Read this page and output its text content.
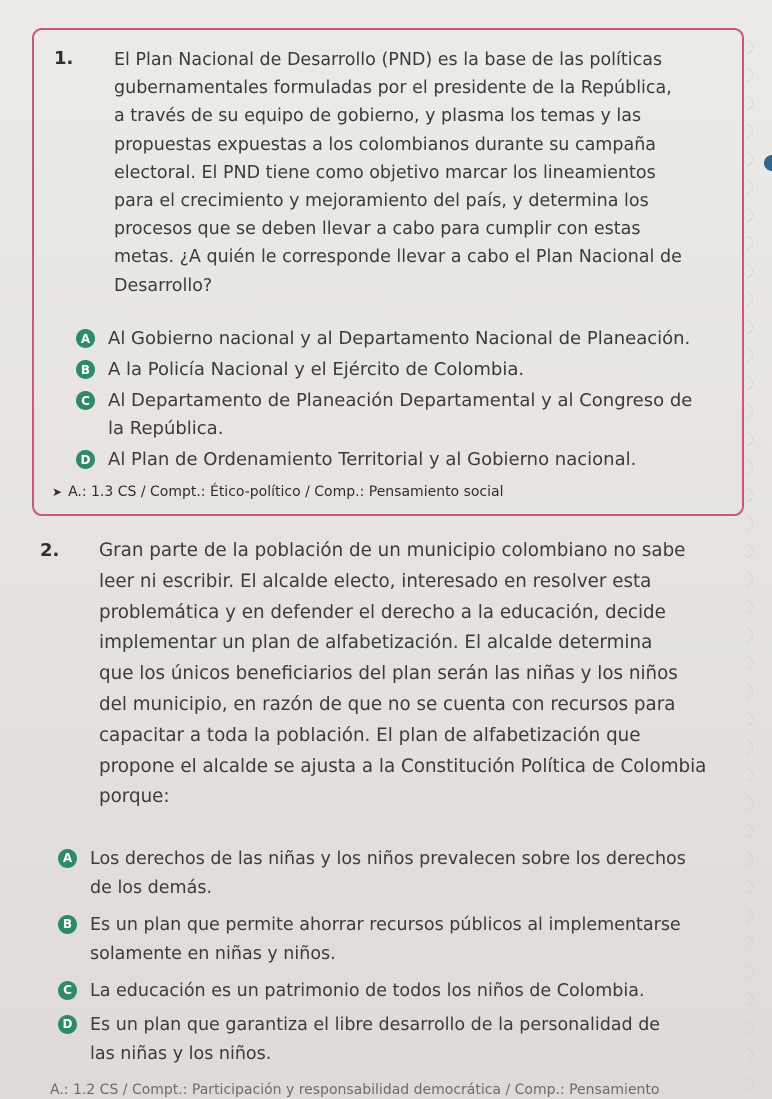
1. El Plan Nacional de Desarrollo (PND) es la base de las políticas
gubernamentales formuladas por el presidente de la República,
a través de su equipo de gobierno, y plasma los temas y las
propuestas expuestas a los colombianos durante su campaña
electoral. El PND tiene como objetivo marcar los lineamientos
para el crecimiento y mejoramiento del país, y determina los
procesos que se deben llevar a cabo para cumplir con estas
metas. ¿A quién le corresponde llevar a cabo el Plan Nacional de
Desarrollo?
A Al Gobierno nacional y al Departamento Nacional de Planeación.
B A la Policía Nacional y el Ejército de Colombia.
C Al Departamento de Planeación Departamental y al Congreso de
la República.
D Al Plan de Ordenamiento Territorial y al Gobierno nacional.
➤ A.: 1.3 CS / Compt.: Ético-político / Comp.: Pensamiento social
2. Gran parte de la población de un municipio colombiano no sabe
leer ni escribir. El alcalde electo, interesado en resolver esta
problemática y en defender el derecho a la educación, decide
implementar un plan de alfabetización. El alcalde determina
que los únicos beneficiarios del plan serán las niñas y los niños
del municipio, en razón de que no se cuenta con recursos para
capacitar a toda la población. El plan de alfabetización que
propone el alcalde se ajusta a la Constitución Política de Colombia
porque:
A Los derechos de las niñas y los niños prevalecen sobre los derechos
de los demás.
B Es un plan que permite ahorrar recursos públicos al implementarse
solamente en niñas y niños.
C La educación es un patrimonio de todos los niños de Colombia.
D Es un plan que garantiza el libre desarrollo de la personalidad de
las niñas y los niños.
A.: 1.2 CS / Compt.: Participación y responsabilidad democrática / Comp.: Pensamiento
